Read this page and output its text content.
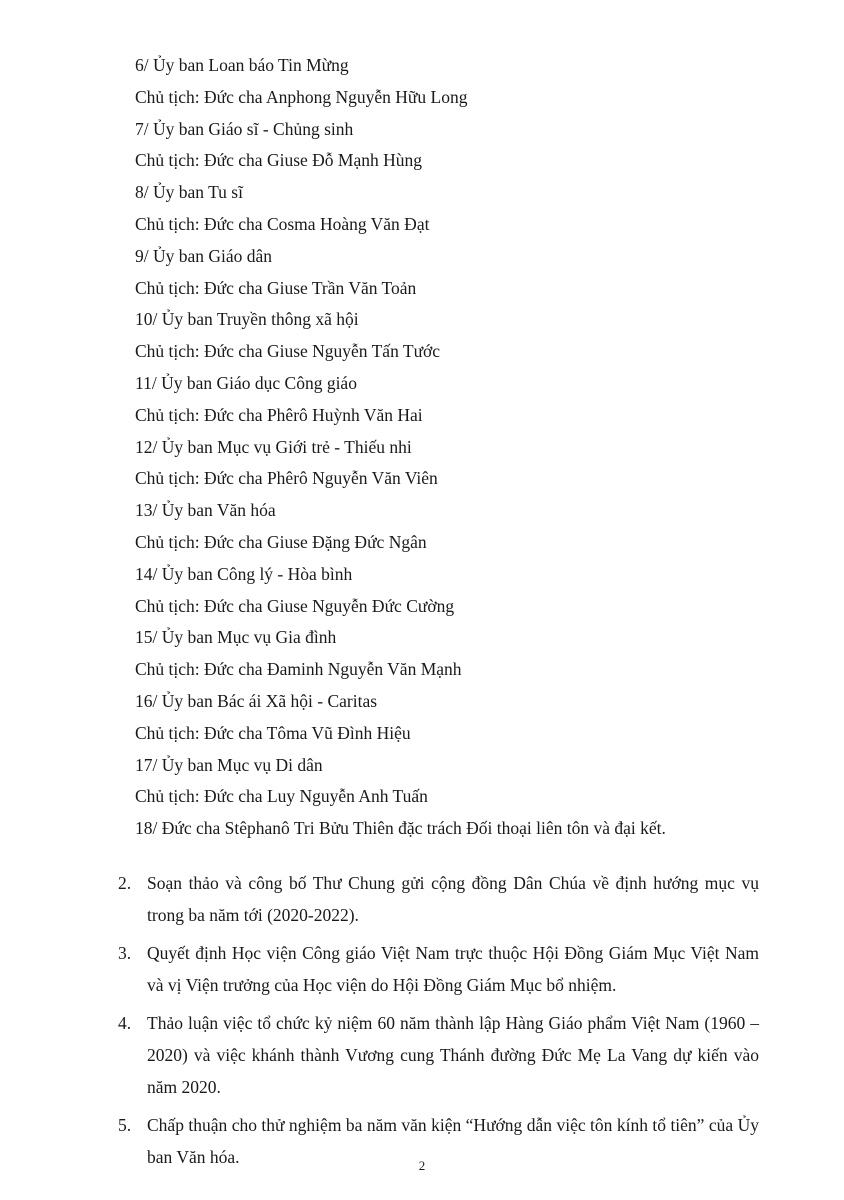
6/ Ủy ban Loan báo Tin Mừng
Chủ tịch: Đức cha Anphong Nguyễn Hữu Long
7/ Ủy ban Giáo sĩ - Chủng sinh
Chủ tịch: Đức cha Giuse Đỗ Mạnh Hùng
8/ Ủy ban Tu sĩ
Chủ tịch: Đức cha Cosma Hoàng Văn Đạt
9/ Ủy ban Giáo dân
Chủ tịch: Đức cha Giuse Trần Văn Toản
10/ Ủy ban Truyền thông xã hội
Chủ tịch: Đức cha Giuse Nguyễn Tấn Tước
11/ Ủy ban Giáo dục Công giáo
Chủ tịch: Đức cha Phêrô Huỳnh Văn Hai
12/ Ủy ban Mục vụ Giới trẻ - Thiếu nhi
Chủ tịch: Đức cha Phêrô Nguyễn Văn Viên
13/ Ủy ban Văn hóa
Chủ tịch: Đức cha Giuse Đặng Đức Ngân
14/ Ủy ban Công lý - Hòa bình
Chủ tịch: Đức cha Giuse Nguyễn Đức Cường
15/ Ủy ban Mục vụ Gia đình
Chủ tịch: Đức cha Đaminh Nguyễn Văn Mạnh
16/ Ủy ban Bác ái Xã hội - Caritas
Chủ tịch: Đức cha Tôma Vũ Đình Hiệu
17/ Ủy ban Mục vụ Di dân
Chủ tịch: Đức cha Luy Nguyễn Anh Tuấn
18/ Đức cha Stêphanô Tri Bửu Thiên đặc trách Đối thoại liên tôn và đại kết.
2. Soạn thảo và công bố Thư Chung gửi cộng đồng Dân Chúa về định hướng mục vụ trong ba năm tới (2020-2022).
3. Quyết định Học viện Công giáo Việt Nam trực thuộc Hội Đồng Giám Mục Việt Nam và vị Viện trưởng của Học viện do Hội Đồng Giám Mục bổ nhiệm.
4. Thảo luận việc tổ chức kỷ niệm 60 năm thành lập Hàng Giáo phẩm Việt Nam (1960 – 2020) và việc khánh thành Vương cung Thánh đường Đức Mẹ La Vang dự kiến vào năm 2020.
5. Chấp thuận cho thử nghiệm ba năm văn kiện “Hướng dẫn việc tôn kính tổ tiên” của Ủy ban Văn hóa.	2
